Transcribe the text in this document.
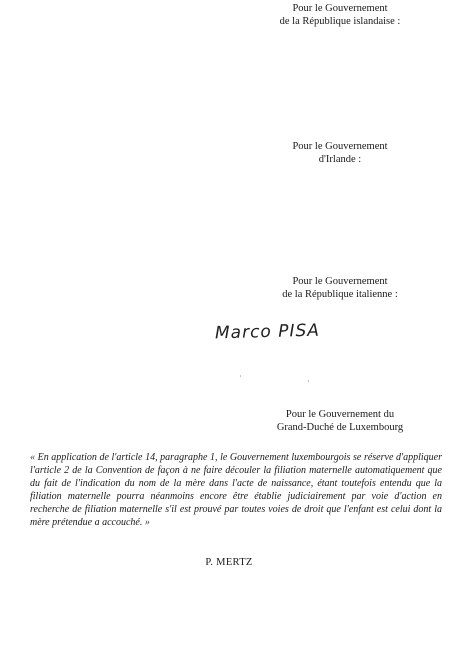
Pour le Gouvernement
de la République islandaise :
Pour le Gouvernement
d'Irlande :
Pour le Gouvernement
de la République italienne :
Marco PISA
·
·
Pour le Gouvernement du
Grand-Duché de Luxembourg

« En application de l'article 14, paragraphe 1, le Gouvernement luxembourgois se réserve d'appliquer l'article 2 de la Convention de façon à ne faire découler la filiation maternelle automatiquement que du fait de l'indication du nom de la mère dans l'acte de naissance, étant toutefois entendu que la filiation maternelle pourra néanmoins encore être établie judiciairement par voie d'action en recherche de filiation maternelle s'il est prouvé par toutes voies de droit que l'enfant est celui dont la mère prétendue a accouché. »

P. MERTZ
